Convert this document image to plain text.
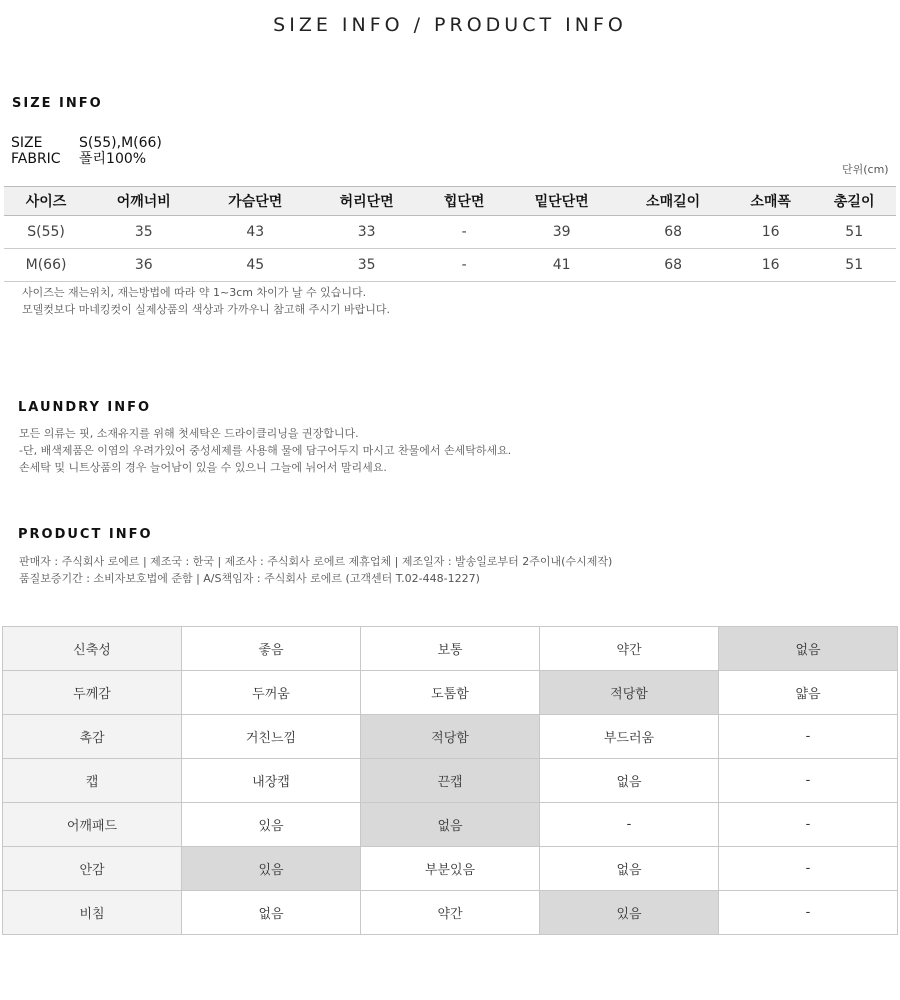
SIZE INFO / PRODUCT INFO
SIZE INFO
SIZE	S(55),M(66)
FABRIC 폴리100%
단위(cm)
사이즈	어깨너비	가슴단면	허리단면	힙단면	밑단단면	소매길이	소매폭	총길이
S(55)	35	43	33	-	39	68	16	51
M(66)	36	45	35	-	41	68	16	51
사이즈는 재는위치, 재는방법에 따라 약 1~3cm 차이가 날 수 있습니다.
모델컷보다 마네킹컷이 실제상품의 색상과 가까우니 참고해 주시기 바랍니다.
LAUNDRY INFO
모든 의류는 핏, 소재유지를 위해 첫세탁은 드라이클리닝을 권장합니다.
-단, 배색제품은 이염의 우려가있어 중성세제를 사용해 물에 담구어두지 마시고 찬물에서 손세탁하세요.
손세탁 및 니트상품의 경우 늘어남이 있을 수 있으니 그늘에 뉘어서 말리세요.
PRODUCT INFO
판매자 : 주식회사 로에르 | 제조국 : 한국 | 제조사 : 주식회사 로에르 제휴업체 | 제조일자 : 발송일로부터 2주이내(수시제작)
품질보증기간 : 소비자보호법에 준함 | A/S책임자 : 주식회사 로에르 (고객센터 T.02-448-1227)
신축성	좋음	보통	약간	없음
두께감	두꺼움	도톰함	적당함	얇음
촉감	거친느낌	적당함	부드러움	-
캡	내장캡	끈캡	없음	-
어깨패드	있음	없음	-	-
안감	있음	부분있음	없음	-
비침	없음	약간	있음	-
